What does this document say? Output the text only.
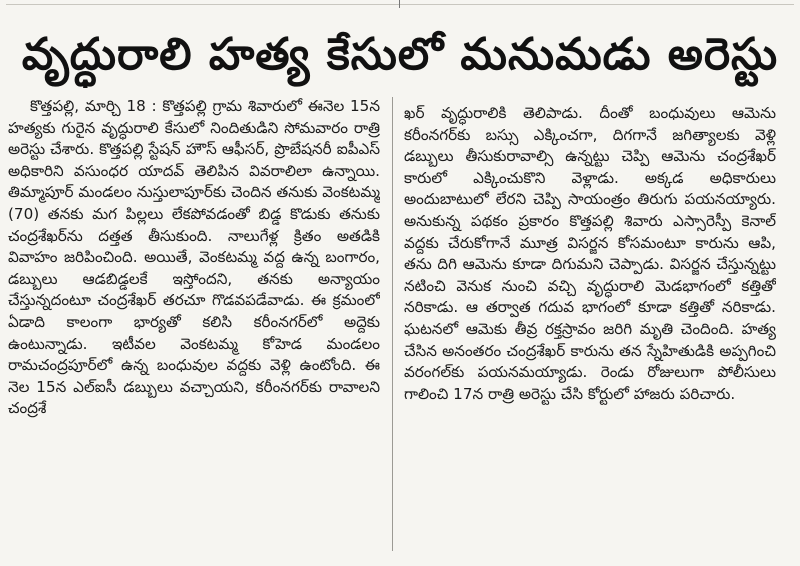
వృద్ధురాలి హత్య కేసులో మనుమడు అరెస్టు

కొత్తపల్లి, మార్చి 18 : కొత్తపల్లి గ్రామ శివారులో ఈనెల 15న హత్యకు గురైన వృద్ధురాలి కేసులో నిందితుడిని సోమవారం రాత్రి అరెస్టు చేశారు. కొత్తపల్లి స్టేషన్ హౌస్ ఆఫీసర్, ప్రొబేషనరీ ఐపీఎస్ అధికారిని వసుంధర యాదవ్ తెలిపిన వివరాలిలా ఉన్నాయి. తిమ్మాపూర్ మండలం నుస్తులాపూర్‌కు చెందిన తనుకు వెంకటమ్మ (70) తనకు మగ పిల్లలు లేకపోవడంతో బిడ్డ కొడుకు తనుకు చంద్రశేఖర్‌ను దత్తత తీసుకుంది. నాలుగేళ్ల క్రితం అతడికి వివాహం జరిపించింది. అయితే, వెంకటమ్మ వద్ద ఉన్న బంగారం, డబ్బులు ఆడబిడ్డలకే ఇస్తోందని, తనకు అన్యాయం చేస్తున్నదంటూ చంద్రశేఖర్ తరచూ గొడవపడేవాడు. ఈ క్రమంలో ఏడాది కాలంగా భార్యతో కలిసి కరీంనగర్‌లో అద్దెకు ఉంటున్నాడు. ఇటీవల వెంకటమ్మ కోహెడ మండలం రామచంద్రపూర్‌లో ఉన్న బంధువుల వద్దకు వెళ్లి ఉంటోంది. ఈ నెల 15న ఎల్ఐసీ డబ్బులు వచ్చాయని, కరీంనగర్‌కు రావాలని చంద్రశే

ఖర్ వృద్ధురాలికి తెలిపాడు. దీంతో బంధువులు ఆమెను కరీంనగర్‌కు బస్సు ఎక్కించగా, దిగగానే జగిత్యాలకు వెళ్లి డబ్బులు తీసుకురావాల్సి ఉన్నట్టు చెప్పి ఆమెను చంద్రశేఖర్ కారులో ఎక్కించుకొని వెళ్లాడు. అక్కడ అధికారులు అందుబాటులో లేరని చెప్పి సాయంత్రం తిరుగు పయనయ్యారు. అనుకున్న పథకం ప్రకారం కొత్తపల్లి శివారు ఎస్సారెస్పీ కెనాల్ వద్దకు చేరుకోగానే మూత్ర విసర్జన కోసమంటూ కారును ఆపి, తను దిగి ఆమెను కూడా దిగుమని చెప్పాడు. విసర్జన చేస్తున్నట్టు నటించి వెనుక నుంచి వచ్చి వృద్ధురాలి మెడభాగంలో కత్తితో నరికాడు. ఆ తర్వాత గదువ భాగంలో కూడా కత్తితో నరికాడు. ఘటనలో ఆమెకు తీవ్ర రక్తస్రావం జరిగి మృతి చెందింది. హత్య చేసిన అనంతరం చంద్రశేఖర్ కారును తన స్నేహితుడికి అప్పగించి వరంగల్‌కు పయనమయ్యాడు. రెండు రోజులుగా పోలీసులు గాలించి 17న రాత్రి అరెస్టు చేసి కోర్టులో హాజరు పరిచారు.
